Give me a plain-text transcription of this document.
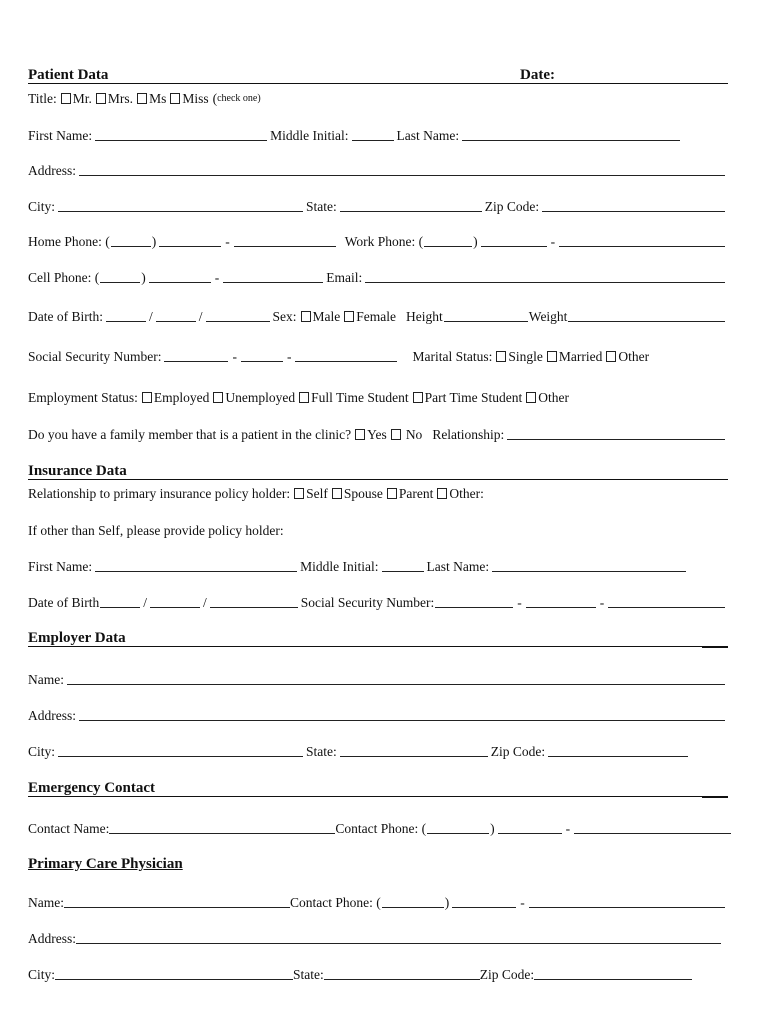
Patient Data	Date:
Title: Mr. Mrs. Ms Miss ( check one)
First Name:	Middle Initial:	Last Name:
Address:
City:	State:	Zip Code:
Home Phone: (	)	-	Work Phone: (	)	-
Cell Phone: (	)	-	Email:
Date of Birth:	/	/	Sex: Male Female Height	Weight
Social Security Number:	-	-	Marital Status: Single Married Other
Employment Status: Employed Unemployed Full Time Student Part Time Student Other
Do you have a family member that is a patient in the clinic? Yes No Relationship:
Insurance Data
Relationship to primary insurance policy holder: Self Spouse Parent Other:
If other than Self, please provide policy holder:
First Name:	Middle Initial:	Last Name:
Date of Birth	/	/	Social Security Number:	-	-
Employer Data
Name:
Address:
City:	State:	Zip Code:
Emergency Contact
Contact Name:	Contact Phone: (	)	-
Primary Care Physician
Name:	Contact Phone: (	)	-
Address:
City:	State:	Zip Code:
